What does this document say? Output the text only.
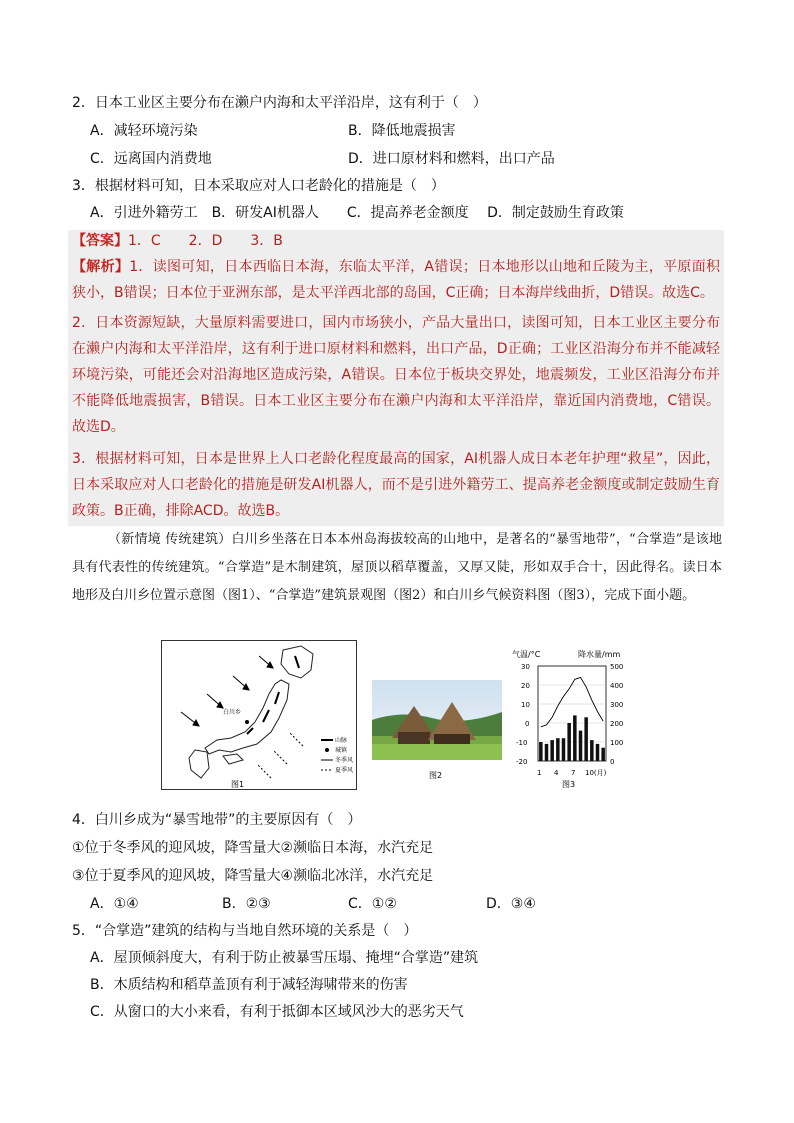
2．日本工业区主要分布在濑户内海和太平洋沿岸，这有利于（　）
A．减轻环境污染	B．降低地震损害
C．远离国内消费地	D．进口原材料和燃料，出口产品
3．根据材料可知，日本采取应对人口老龄化的措施是（　）
A．引进外籍劳工　B．研发AI机器人　　C．提高养老金额度　 D．制定鼓励生育政策
【答案】1．C　　2．D　　3．B
【解析】1．读图可知，日本西临日本海，东临太平洋，A错误；日本地形以山地和丘陵为主，平原面积狭小，B错误；日本位于亚洲东部，是太平洋西北部的岛国，C正确；日本海岸线曲折，D错误。故选C。
2．日本资源短缺，大量原料需要进口，国内市场狭小，产品大量出口，读图可知，日本工业区主要分布在濑户内海和太平洋沿岸，这有利于进口原材料和燃料，出口产品，D正确；工业区沿海分布并不能减轻环境污染，可能还会对沿海地区造成污染，A错误。日本位于板块交界处，地震频发，工业区沿海分布并不能降低地震损害，B错误。日本工业区主要分布在濑户内海和太平洋沿岸，靠近国内消费地，C错误。故选D。
3．根据材料可知，日本是世界上人口老龄化程度最高的国家，AI机器人成日本老年护理“救星”，因此，日本采取应对人口老龄化的措施是研发AI机器人，而不是引进外籍劳工、提高养老金额度或制定鼓励生育政策。B正确，排除ACD。故选B。
（新情境 传统建筑）白川乡坐落在日本本州岛海拔较高的山地中，是著名的“暴雪地带”，“合掌造”是该地具有代表性的传统建筑。“合掌造”是木制建筑，屋顶以稻草覆盖，又厚又陡，形如双手合十，因此得名。读日本地形及白川乡位置示意图（图1）、“合掌造”建筑景观图（图2）和白川乡气候资料图（图3），完成下面小题。
白川乡
山脉
城镇
冬季风
夏季风
图1
图2
气温/°C	降水量/mm
30
20
10
0
-10
-20
500
400
300
200
100
0
1 4 7 10(月)
图3
4．白川乡成为“暴雪地带”的主要原因有（　）
①位于冬季风的迎风坡，降雪量大②濒临日本海，水汽充足
③位于夏季风的迎风坡，降雪量大④濒临北冰洋，水汽充足
A．①④	B．②③	C．①②	D．③④
5．“合掌造”建筑的结构与当地自然环境的关系是（　）
A．屋顶倾斜度大，有利于防止被暴雪压塌、掩埋“合掌造”建筑
B．木质结构和稻草盖顶有利于减轻海啸带来的伤害
C．从窗口的大小来看，有利于抵御本区域风沙大的恶劣天气
